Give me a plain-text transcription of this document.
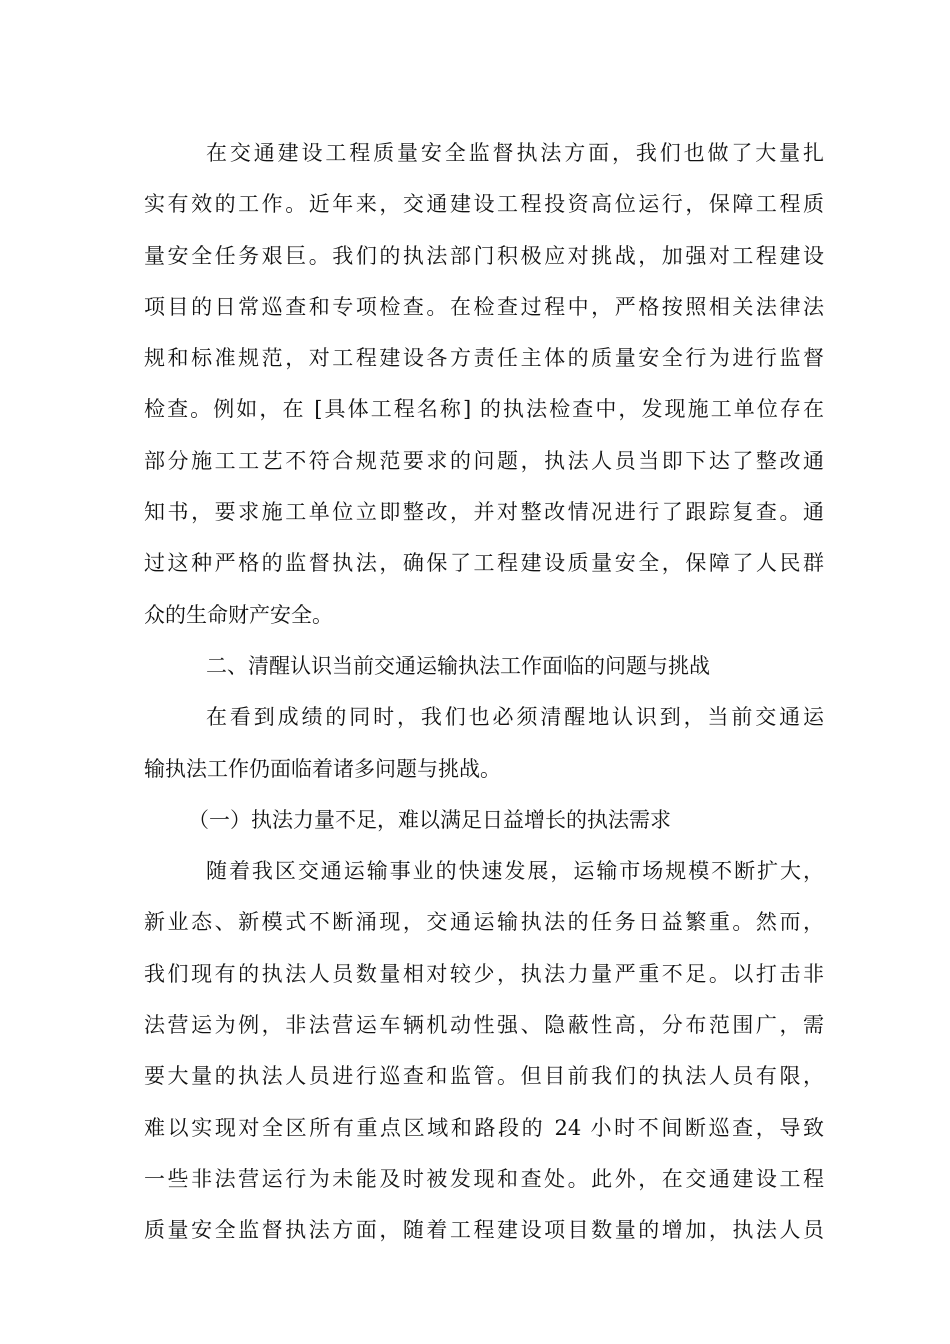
在交通建设工程质量安全监督执法方面，我们也做了大量扎
实有效的工作。近年来，交通建设工程投资高位运行，保障工程质
量安全任务艰巨。我们的执法部门积极应对挑战，加强对工程建设
项目的日常巡查和专项检查。在检查过程中，严格按照相关法律法
规和标准规范，对工程建设各方责任主体的质量安全行为进行监督
检查。例如，在 [具体工程名称] 的执法检查中，发现施工单位存在
部分施工工艺不符合规范要求的问题，执法人员当即下达了整改通
知书，要求施工单位立即整改，并对整改情况进行了跟踪复查。通
过这种严格的监督执法，确保了工程建设质量安全，保障了人民群
众的生命财产安全。
二、清醒认识当前交通运输执法工作面临的问题与挑战
在看到成绩的同时，我们也必须清醒地认识到，当前交通运
输执法工作仍面临着诸多问题与挑战。
（一）执法力量不足，难以满足日益增长的执法需求
随着我区交通运输事业的快速发展，运输市场规模不断扩大，
新业态、新模式不断涌现，交通运输执法的任务日益繁重。然而，
我们现有的执法人员数量相对较少，执法力量严重不足。以打击非
法营运为例，非法营运车辆机动性强、隐蔽性高，分布范围广，需
要大量的执法人员进行巡查和监管。但目前我们的执法人员有限，
难以实现对全区所有重点区域和路段的 24 小时不间断巡查，导致
一些非法营运行为未能及时被发现和查处。此外，在交通建设工程
质量安全监督执法方面，随着工程建设项目数量的增加，执法人员
